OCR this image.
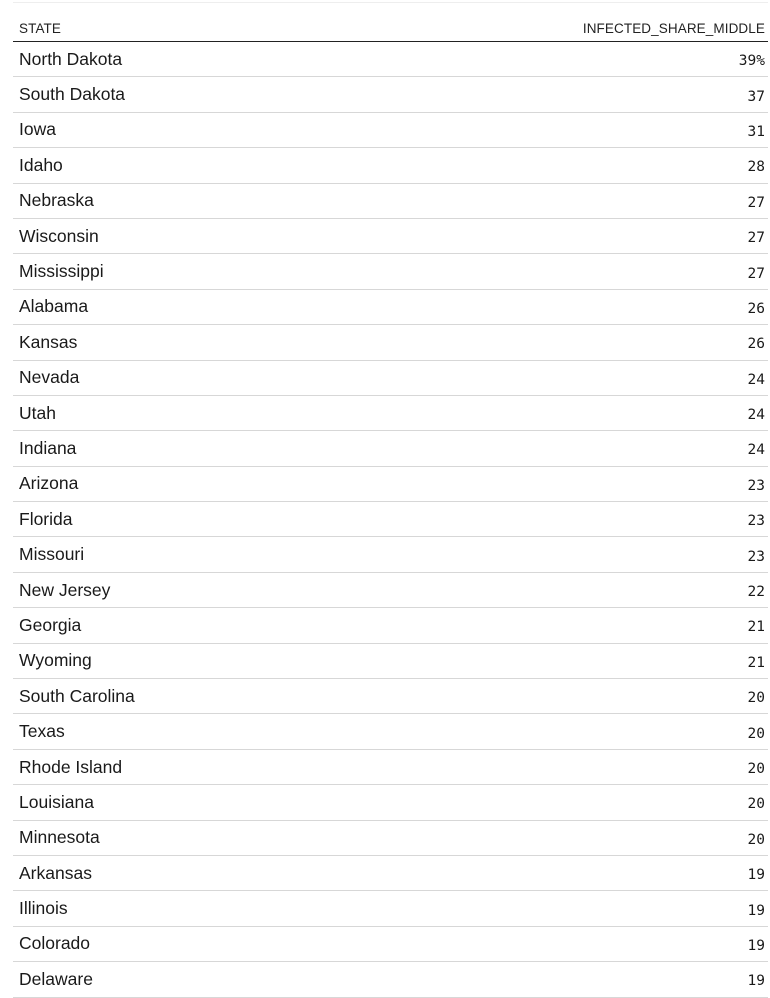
STATE	INFECTED_SHARE_MIDDLE
North Dakota	39%
South Dakota	37
Iowa	31
Idaho	28
Nebraska	27
Wisconsin	27
Mississippi	27
Alabama	26
Kansas	26
Nevada	24
Utah	24
Indiana	24
Arizona	23
Florida	23
Missouri	23
New Jersey	22
Georgia	21
Wyoming	21
South Carolina	20
Texas	20
Rhode Island	20
Louisiana	20
Minnesota	20
Arkansas	19
Illinois	19
Colorado	19
Delaware	19
